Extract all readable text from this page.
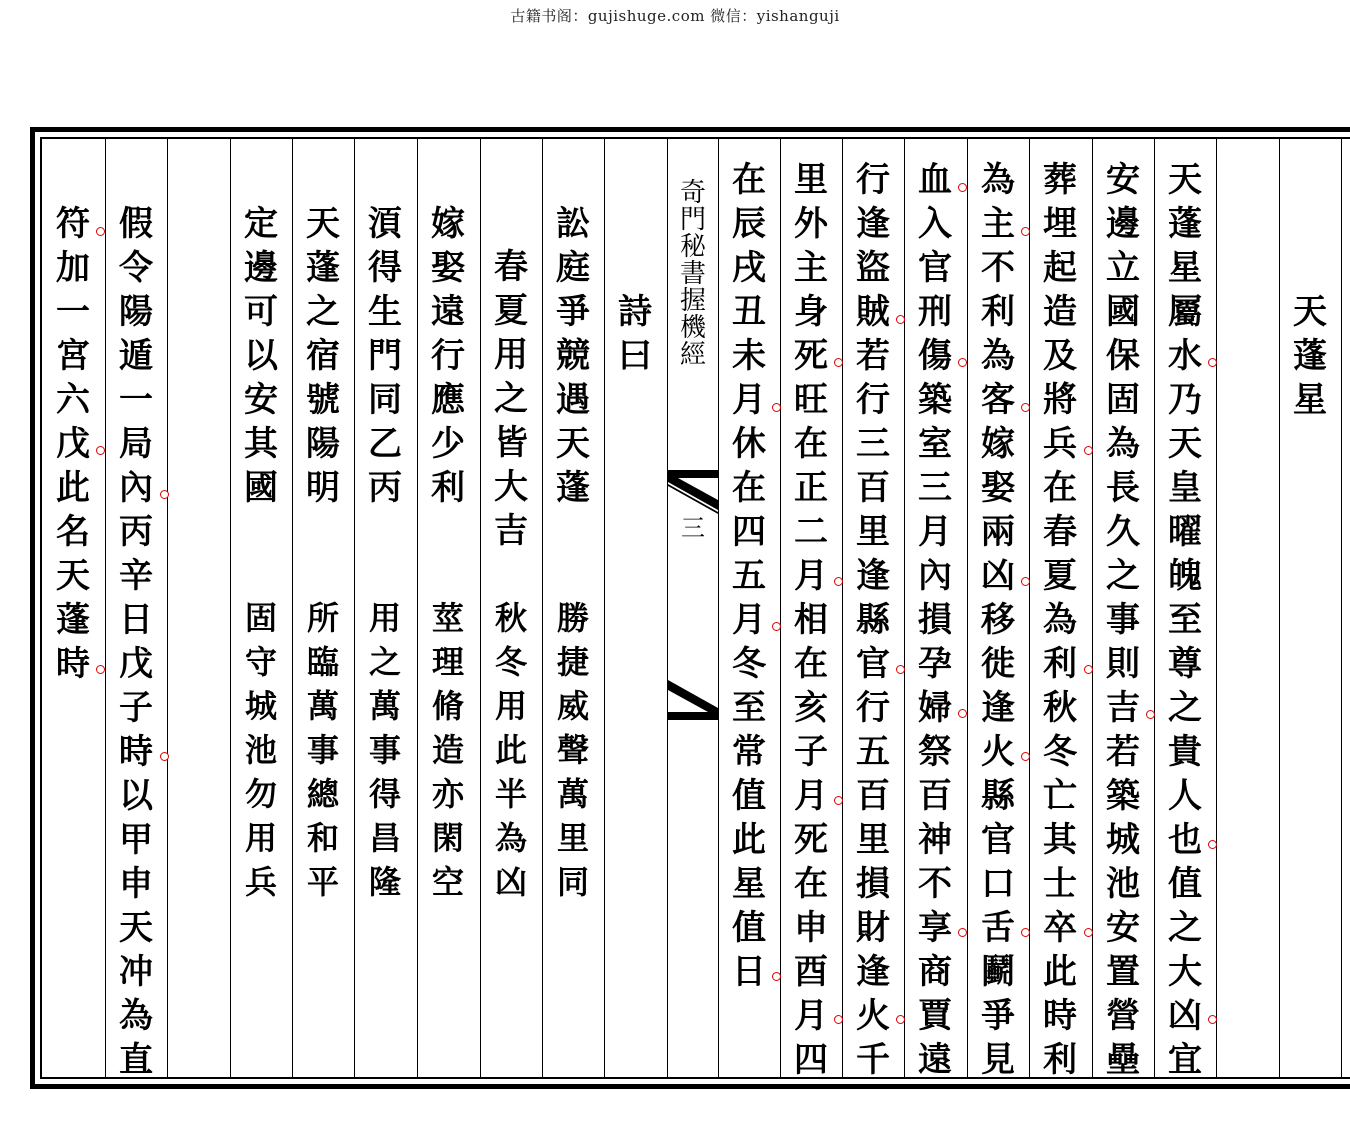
古籍书阁：gujishuge.com 微信：yishanguji
奇
門
秘
書
握
機
經
三
天
蓬
星
天
蓬
星
屬
水
乃
天
皇
曜
魄
至
尊
之
貴
人
也
值
之
大
凶
宜
安
邊
立
國
保
固
為
長
久
之
事
則
吉
若
築
城
池
安
置
營
壘
葬
埋
起
造
及
將
兵
在
春
夏
為
利
秋
冬
亡
其
士
卒
此
時
利
為
主
不
利
為
客
嫁
娶
兩
凶
移
徙
逢
火
縣
官
口
舌
鬬
爭
見
血
入
官
刑
傷
築
室
三
月
內
損
孕
婦
祭
百
神
不
享
商
賈
遠
行
逢
盜
賊
若
行
三
百
里
逢
縣
官
行
五
百
里
損
財
逢
火
千
里
外
主
身
死
旺
在
正
二
月
相
在
亥
子
月
死
在
申
酉
月
四
在
辰
戌
丑
未
月
休
在
四
五
月
冬
至
常
值
此
星
值
日
詩
曰
訟
庭
爭
競
遇
天
蓬
勝
捷
威
聲
萬
里
同
春
夏
用
之
皆
大
吉
秋
冬
用
此
半
為
凶
嫁
娶
遠
行
應
少
利
莖
理
脩
造
亦
閑
空
湏
得
生
門
同
乙
丙
用
之
萬
事
得
昌
隆
天
蓬
之
宿
號
陽
明
所
臨
萬
事
總
和
平
定
邊
可
以
安
其
國
固
守
城
池
勿
用
兵
假
令
陽
遁
一
局
內
丙
辛
日
戊
子
時
以
甲
申
天
冲
為
直
符
加
一
宮
六
戊
此
名
天
蓬
時
